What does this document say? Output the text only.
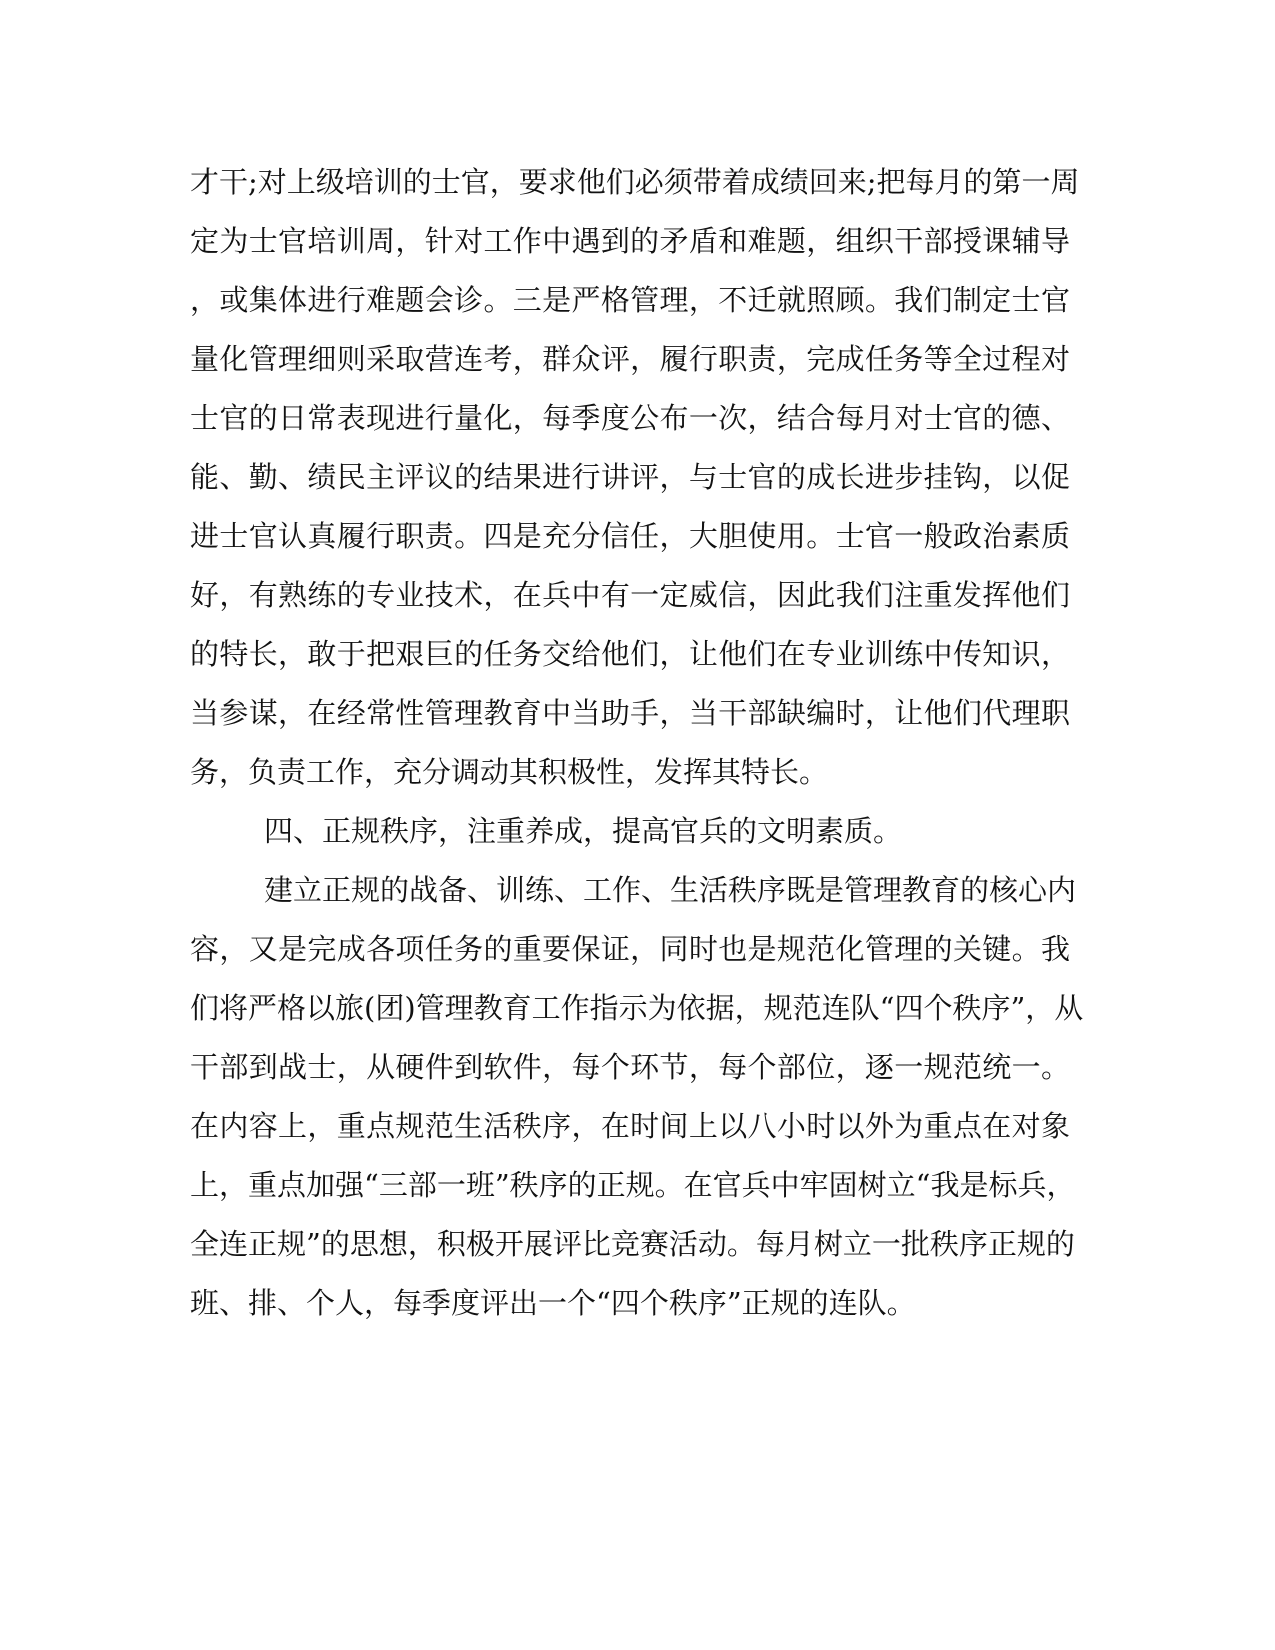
才干;对上级培训的士官，要求他们必须带着成绩回来;把每月的第一周
定为士官培训周，针对工作中遇到的矛盾和难题，组织干部授课辅导
，或集体进行难题会诊。三是严格管理，不迁就照顾。我们制定士官
量化管理细则采取营连考，群众评，履行职责，完成任务等全过程对
士官的日常表现进行量化，每季度公布一次，结合每月对士官的德、
能、勤、绩民主评议的结果进行讲评，与士官的成长进步挂钩，以促
进士官认真履行职责。四是充分信任，大胆使用。士官一般政治素质
好，有熟练的专业技术，在兵中有一定威信，因此我们注重发挥他们
的特长，敢于把艰巨的任务交给他们，让他们在专业训练中传知识，
当参谋，在经常性管理教育中当助手，当干部缺编时，让他们代理职
务，负责工作，充分调动其积极性，发挥其特长。
四、正规秩序，注重养成，提高官兵的文明素质。
建立正规的战备、训练、工作、生活秩序既是管理教育的核心内
容，又是完成各项任务的重要保证，同时也是规范化管理的关键。我
们将严格以旅(团)管理教育工作指示为依据，规范连队“四个秩序”，从
干部到战士，从硬件到软件，每个环节，每个部位，逐一规范统一。
在内容上，重点规范生活秩序，在时间上以八小时以外为重点在对象
上，重点加强“三部一班”秩序的正规。在官兵中牢固树立“我是标兵，
全连正规”的思想，积极开展评比竞赛活动。每月树立一批秩序正规的
班、排、个人，每季度评出一个“四个秩序”正规的连队。
